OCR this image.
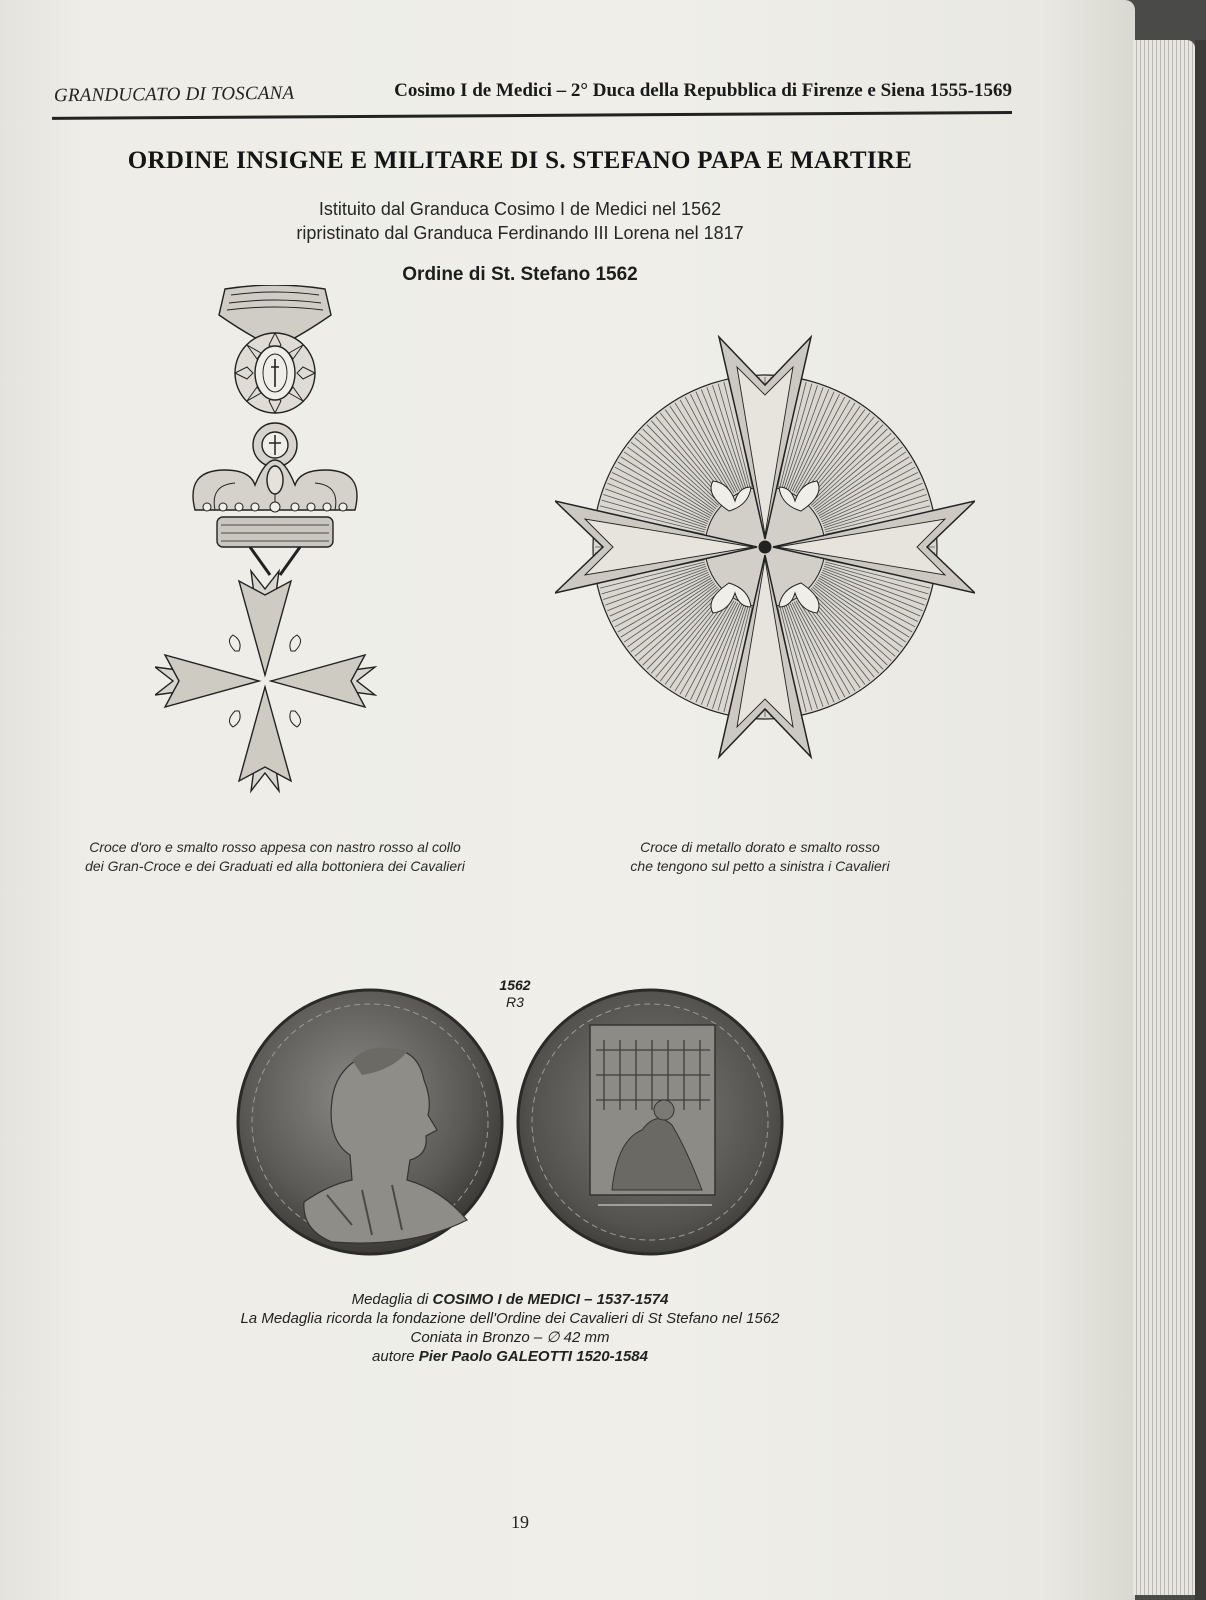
GRANDUCATO DI TOSCANA	Cosimo I de Medici – 2° Duca della Repubblica di Firenze e Siena 1555-1569
ORDINE INSIGNE E MILITARE DI S. STEFANO PAPA E MARTIRE
Istituito dal Granduca Cosimo I de Medici nel 1562
ripristinato dal Granduca Ferdinando III Lorena nel 1817
Ordine di St. Stefano 1562
Croce d'oro e smalto rosso appesa con nastro rosso al collo
dei Gran-Croce e dei Graduati ed alla bottoniera dei Cavalieri
Croce di metallo dorato e smalto rosso
che tengono sul petto a sinistra i Cavalieri
1562
R3
Medaglia di COSIMO I de MEDICI – 1537-1574
La Medaglia ricorda la fondazione dell'Ordine dei Cavalieri di St Stefano nel 1562
Coniata in Bronzo – ∅ 42 mm
autore Pier Paolo GALEOTTI 1520-1584
19
